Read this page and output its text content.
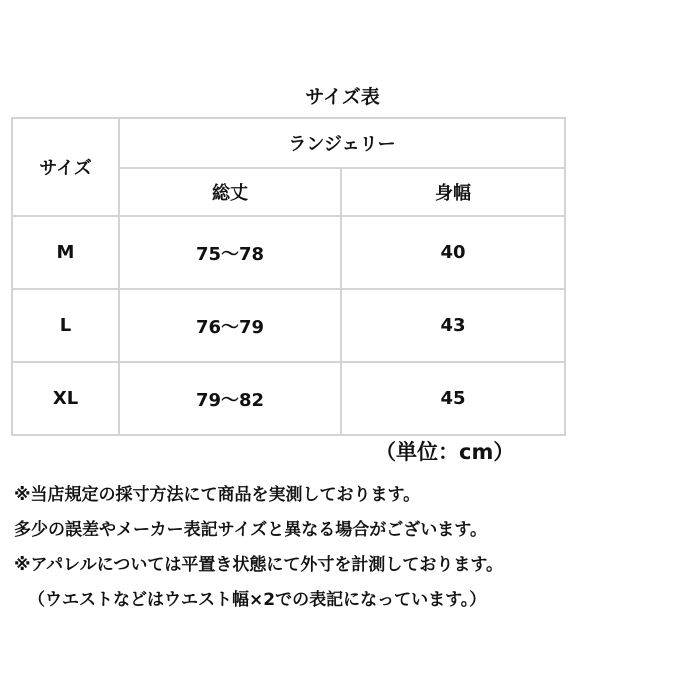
サイズ表
サイズ	ランジェリー	
	総丈	身幅
M	75～78	40
L	76～79	43
XL	79～82	45
（単位：cm）
※当店規定の採寸方法にて商品を実測しております。
多少の誤差やメーカー表記サイズと異なる場合がございます。
※アパレルについては平置き状態にて外寸を計測しております。
（ウエストなどはウエスト幅×2での表記になっています。）
